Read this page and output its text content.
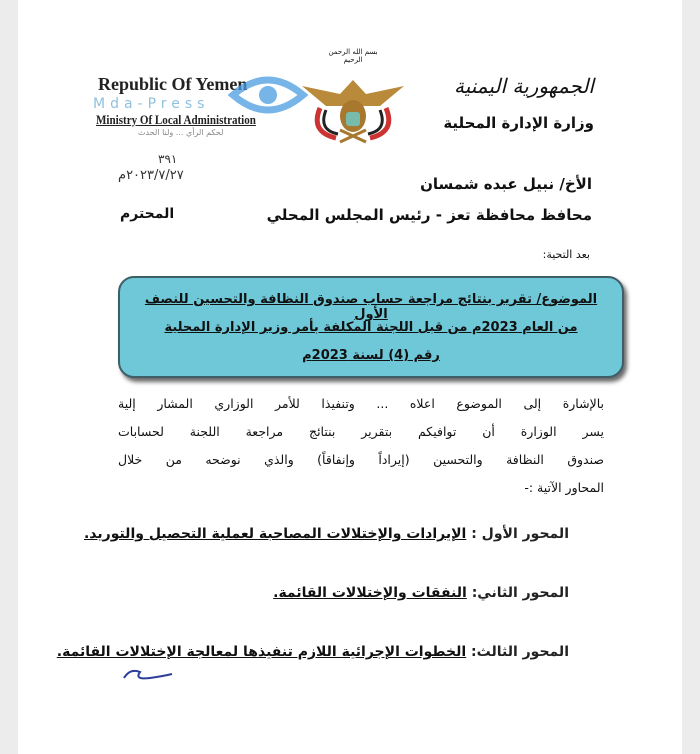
بسم الله الرحمن الرحيم
Republic Of Yemen
Mda-Press
Ministry Of Local Administration
لحكم الرأي ... ولنا الحدث
الجمهورية اليمنية
وزارة الإدارة المحلية
٣٩١
٢٠٢٣/٧/٢٧م	الأخ/ نبيل عبده شمسان
محافظ محافظة تعز - رئيس المجلس المحلي
المحترم
بعد التحية:
الموضوع/ تقرير بنتائج مراجعة حساب صندوق النظافة والتحسين للنصف الأول
من العام 2023م من قبل اللجنة المكلفة بأمر وزير الإدارة المحلية
رقم (4) لسنة 2023م
بالإشارة إلى الموضوع اعلاه ... وتنفيذا للأمر الوزاري المشار إلية
يسر الوزارة أن توافيكم بتقرير بنتائج مراجعة اللجنة لحسابات
صندوق النظافة والتحسين (إيراداً وإنفاقاً) والذي نوضحه من خلال
المحاور الآتية :-
المحور الأول : الإيرادات والإختلالات المصاحبة لعملية التحصيل والتوريد.
المحور الثاني: النفقات والإختلالات القائمة.
المحور الثالث: الخطوات الإجرائية اللازم تنفيذها لمعالجة الإختلالات القائمة.
